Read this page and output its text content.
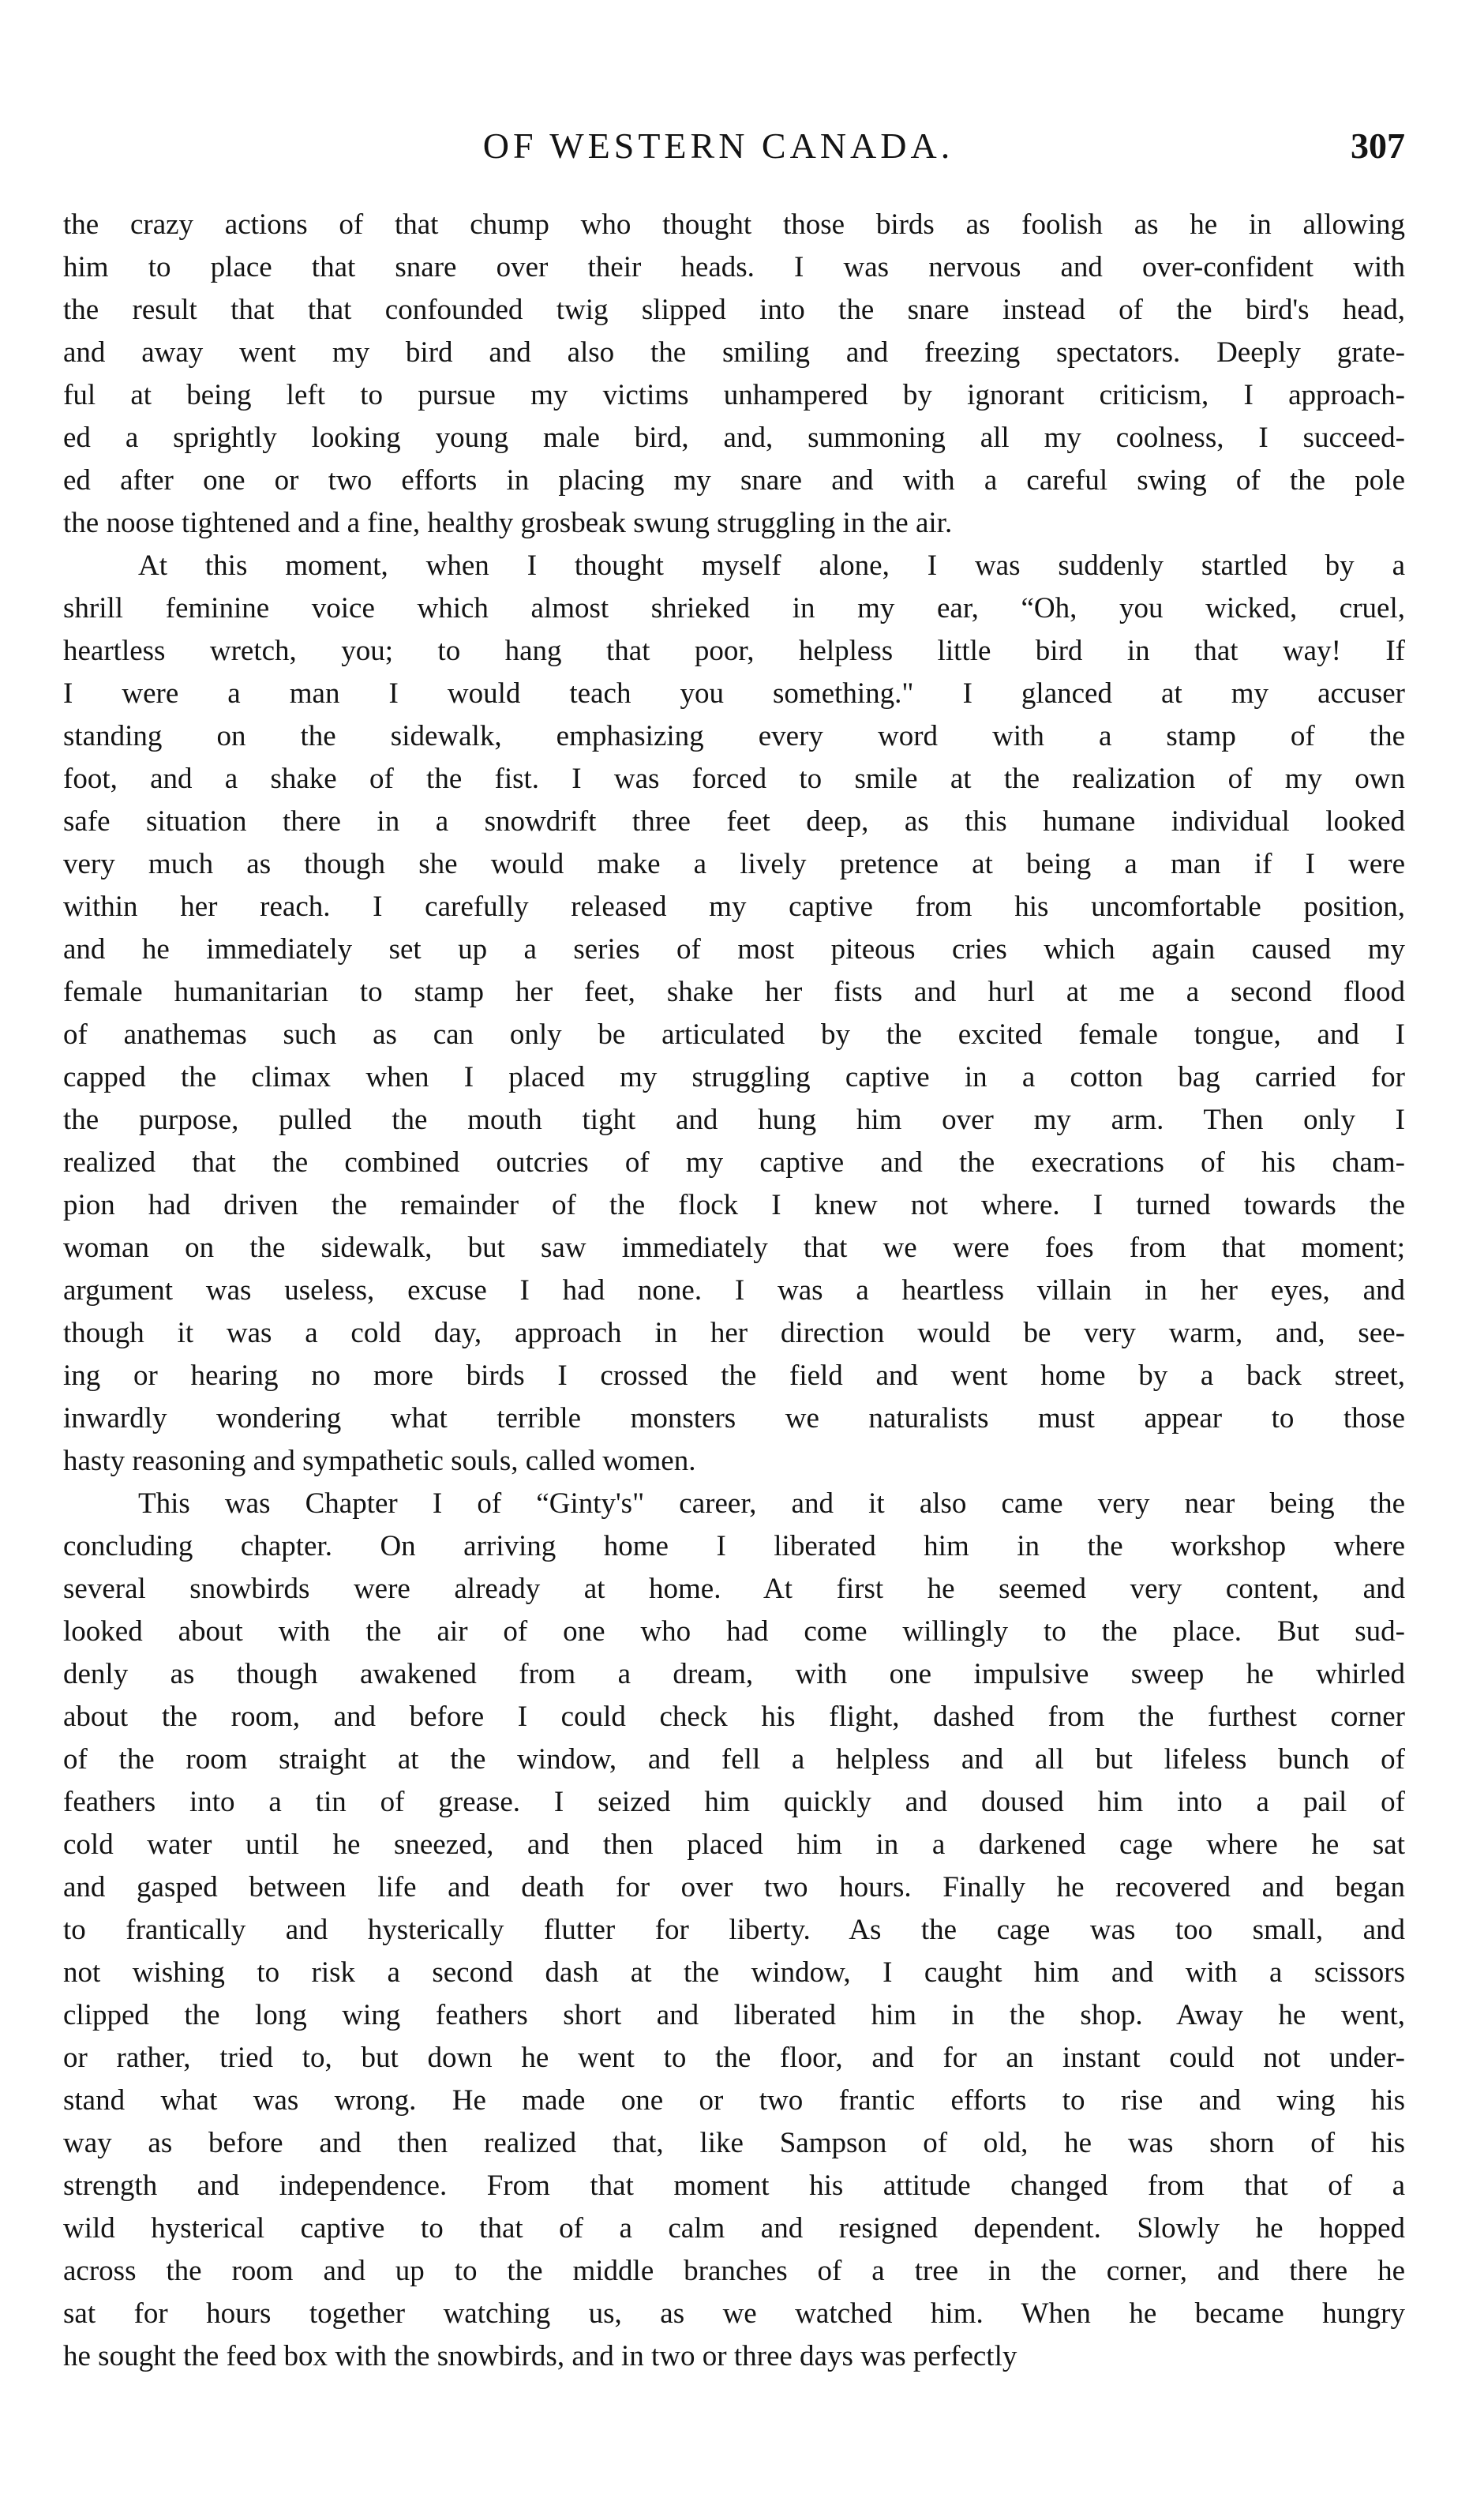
OF WESTERN CANADA.	307
the crazy actions of that chump who thought those birds as foolish as he in allowing
him to place that snare over their heads. I was nervous and over-confident with
the result that that confounded twig slipped into the snare instead of the bird's head,
and away went my bird and also the smiling and freezing spectators. Deeply grate-
ful at being left to pursue my victims unhampered by ignorant criticism, I approach-
ed a sprightly looking young male bird, and, summoning all my coolness, I succeed-
ed after one or two efforts in placing my snare and with a careful swing of the pole
the noose tightened and a fine, healthy grosbeak swung struggling in the air.
At this moment, when I thought myself alone, I was suddenly startled by a
shrill feminine voice which almost shrieked in my ear, “Oh, you wicked, cruel,
heartless wretch, you; to hang that poor, helpless little bird in that way! If
I were a man I would teach you something." I glanced at my accuser
standing on the sidewalk, emphasizing every word with a stamp of the
foot, and a shake of the fist. I was forced to smile at the realization of my own
safe situation there in a snowdrift three feet deep, as this humane individual looked
very much as though she would make a lively pretence at being a man if I were
within her reach. I carefully released my captive from his uncomfortable position,
and he immediately set up a series of most piteous cries which again caused my
female humanitarian to stamp her feet, shake her fists and hurl at me a second flood
of anathemas such as can only be articulated by the excited female tongue, and I
capped the climax when I placed my struggling captive in a cotton bag carried for
the purpose, pulled the mouth tight and hung him over my arm. Then only I
realized that the combined outcries of my captive and the execrations of his cham-
pion had driven the remainder of the flock I knew not where. I turned towards the
woman on the sidewalk, but saw immediately that we were foes from that moment;
argument was useless, excuse I had none. I was a heartless villain in her eyes, and
though it was a cold day, approach in her direction would be very warm, and, see-
ing or hearing no more birds I crossed the field and went home by a back street,
inwardly wondering what terrible monsters we naturalists must appear to those
hasty reasoning and sympathetic souls, called women.
This was Chapter I of “Ginty's" career, and it also came very near being the
concluding chapter. On arriving home I liberated him in the workshop where
several snowbirds were already at home. At first he seemed very content, and
looked about with the air of one who had come willingly to the place. But sud-
denly as though awakened from a dream, with one impulsive sweep he whirled
about the room, and before I could check his flight, dashed from the furthest corner
of the room straight at the window, and fell a helpless and all but lifeless bunch of
feathers into a tin of grease. I seized him quickly and doused him into a pail of
cold water until he sneezed, and then placed him in a darkened cage where he sat
and gasped between life and death for over two hours. Finally he recovered and began
to frantically and hysterically flutter for liberty. As the cage was too small, and
not wishing to risk a second dash at the window, I caught him and with a scissors
clipped the long wing feathers short and liberated him in the shop. Away he went,
or rather, tried to, but down he went to the floor, and for an instant could not under-
stand what was wrong. He made one or two frantic efforts to rise and wing his
way as before and then realized that, like Sampson of old, he was shorn of his
strength and independence. From that moment his attitude changed from that of a
wild hysterical captive to that of a calm and resigned dependent. Slowly he hopped
across the room and up to the middle branches of a tree in the corner, and there he
sat for hours together watching us, as we watched him. When he became hungry
he sought the feed box with the snowbirds, and in two or three days was perfectly
